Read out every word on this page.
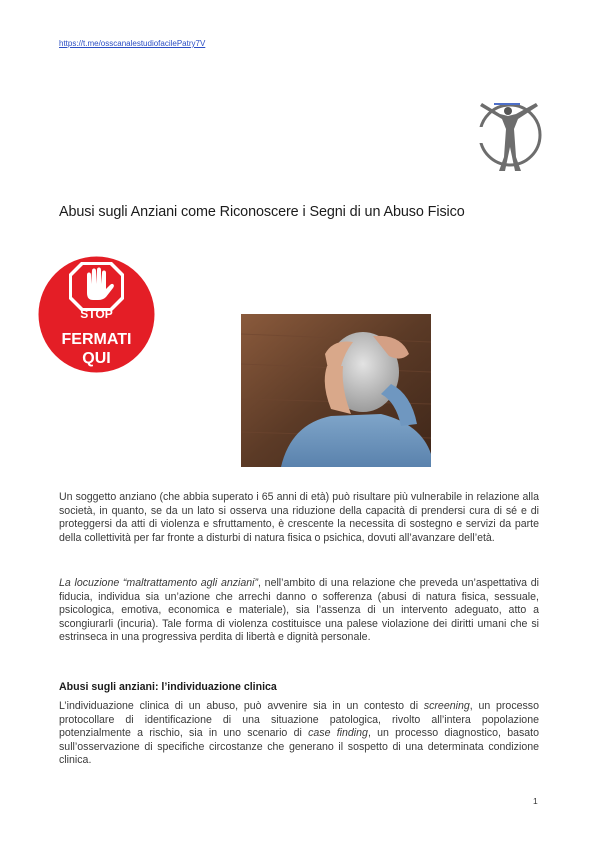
https://t.me/osscanalestudiofacilePatry7V
Abusi sugli Anziani come Riconoscere i Segni di un Abuso Fisico
STOP
FERMATI
QUI

Un soggetto anziano (che abbia superato i 65 anni di età) può risultare più vulnerabile in relazione alla società, in quanto, se da un lato si osserva una riduzione della capacità di prendersi cura di sé e di proteggersi da atti di violenza e sfruttamento, è crescente la necessita di sostegno e servizi da parte della collettività per far fronte a disturbi di natura fisica o psichica, dovuti all’avanzare dell’età.

La locuzione “maltrattamento agli anziani”, nell’ambito di una relazione che preveda un’aspettativa di fiducia, individua sia un’azione che arrechi danno o sofferenza (abusi di natura fisica, sessuale, psicologica, emotiva, economica e materiale), sia l’assenza di un intervento adeguato, atto a scongiurarli (incuria). Tale forma di violenza costituisce una palese violazione dei diritti umani che si estrinseca in una progressiva perdita di libertà e dignità personale.

Abusi sugli anziani: l’individuazione clinica

L’individuazione clinica di un abuso, può avvenire sia in un contesto di screening, un processo protocollare di identificazione di una situazione patologica, rivolto all’intera popolazione potenzialmente a rischio, sia in uno scenario di case finding, un processo diagnostico, basato sull’osservazione di specifiche circostanze che generano il sospetto di una determinata condizione clinica.

1
